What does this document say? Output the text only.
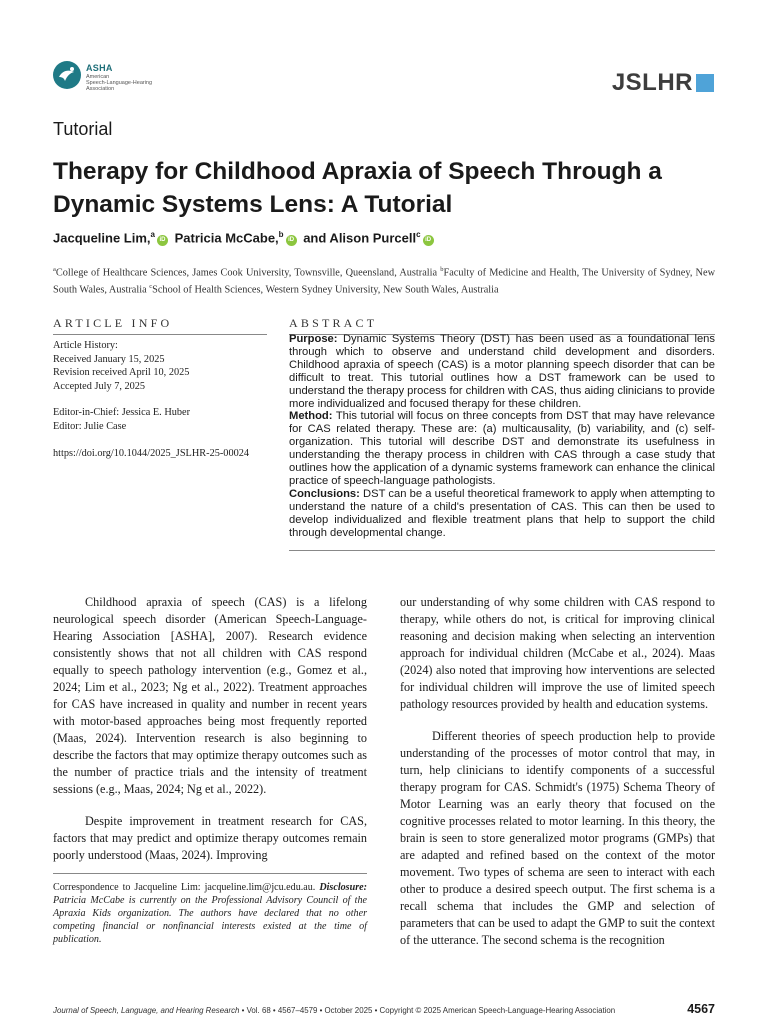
ASHA
American
Speech-Language-Hearing
Association	JSLHR
Tutorial
Therapy for Childhood Apraxia of Speech Through a Dynamic Systems Lens: A Tutorial
Jacqueline Lim,$^a$iD Patricia McCabe,$^b$iD and Alison Purcell$^c$iD
$^a$College of Healthcare Sciences, James Cook University, Townsville, Queensland, Australia $^b$Faculty of Medicine and Health, The University of Sydney, New South Wales, Australia $^c$School of Health Sciences, Western Sydney University, New South Wales, Australia
ARTICLE INFO	ABSTRACT
Article History:
Received January 15, 2025
Revision received April 10, 2025
Accepted July 7, 2025
Editor-in-Chief: Jessica E. Huber
Editor: Julie Case
https://doi.org/10.1044/2025_JSLHR-25-00024

Purpose: Dynamic Systems Theory (DST) has been used as a foundational lens through which to observe and understand child development and disorders. Childhood apraxia of speech (CAS) is a motor planning speech disorder that can be difficult to treat. This tutorial outlines how a DST framework can be used to understand the therapy process for children with CAS, thus aiding clinicians to provide more individualized and focused therapy for these children.

Method: This tutorial will focus on three concepts from DST that may have relevance for CAS related therapy. These are: (a) multicausality, (b) variability, and (c) self-organization. This tutorial will describe DST and demonstrate its usefulness in understanding the therapy process in children with CAS through a case study that outlines how the application of a dynamic systems framework can enhance the clinical practice of speech-language pathologists.

Conclusions: DST can be a useful theoretical framework to apply when attempting to understand the nature of a child's presentation of CAS. This can then be used to develop individualized and flexible treatment plans that help to support the child through developmental change.

Childhood apraxia of speech (CAS) is a lifelong neurological speech disorder (American Speech-Language-Hearing Association [ASHA], 2007). Research evidence consistently shows that not all children with CAS respond equally to speech pathology intervention (e.g., Gomez et al., 2024; Lim et al., 2023; Ng et al., 2022). Treatment approaches for CAS have increased in quality and number in recent years with motor-based approaches being most frequently reported (Maas, 2024). Intervention research is also beginning to describe the factors that may optimize therapy outcomes such as the number of practice trials and the intensity of treatment sessions (e.g., Maas, 2024; Ng et al., 2022).

Despite improvement in treatment research for CAS, factors that may predict and optimize therapy outcomes remain poorly understood (Maas, 2024). Improving

our understanding of why some children with CAS respond to therapy, while others do not, is critical for improving clinical reasoning and decision making when selecting an intervention approach for individual children (McCabe et al., 2024). Maas (2024) also noted that improving how interventions are selected for individual children will improve the use of limited speech pathology resources provided by health and education systems.

Different theories of speech production help to provide understanding of the processes of motor control that may, in turn, help clinicians to identify components of a successful therapy program for CAS. Schmidt's (1975) Schema Theory of Motor Learning was an early theory that focused on the cognitive processes related to motor learning. In this theory, the brain is seen to store generalized motor programs (GMPs) that are adapted and refined based on the context of the motor movement. Two types of schema are seen to interact with each other to produce a desired speech output. The first schema is a recall schema that includes the GMP and selection of parameters that can be used to adapt the GMP to suit the context of the utterance. The second schema is the recognition

Correspondence to Jacqueline Lim: jacqueline.lim@jcu.edu.au. Disclosure: Patricia McCabe is currently on the Professional Advisory Council of the Apraxia Kids organization. The authors have declared that no other competing financial or nonfinancial interests existed at the time of publication.
Journal of Speech, Language, and Hearing Research • Vol. 68 • 4567–4579 • October 2025 • Copyright © 2025 American Speech-Language-Hearing Association	4567
